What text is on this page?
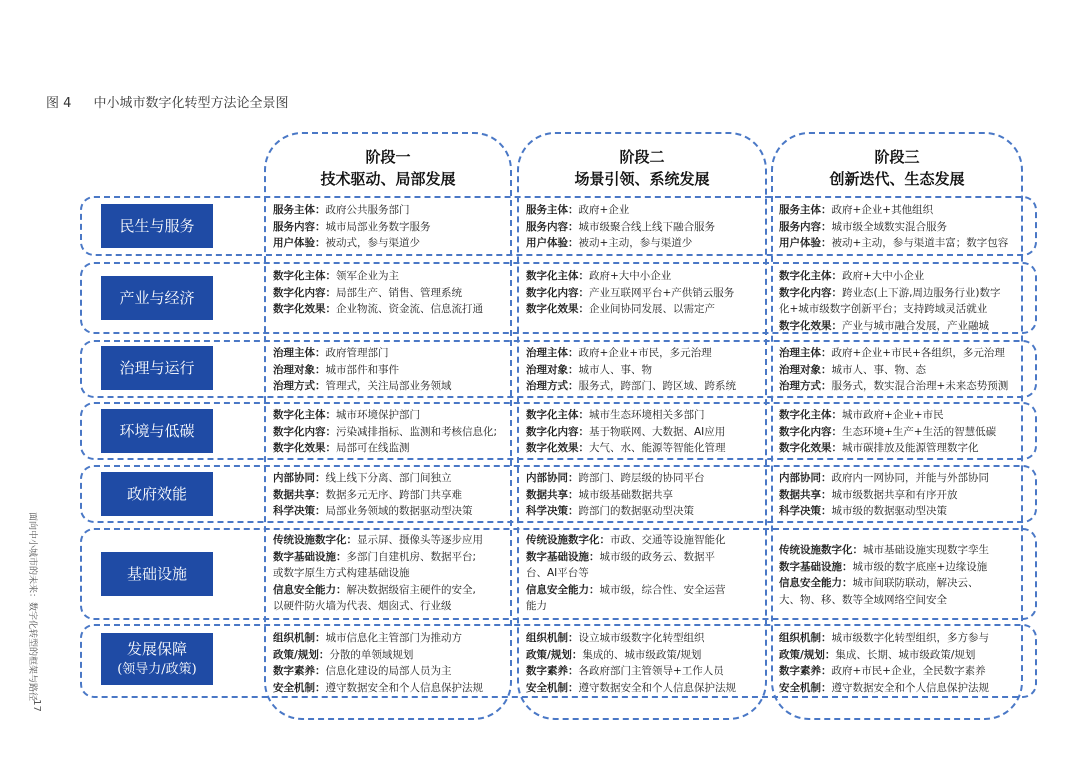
图 4 中小城市数字化转型方法论全景图
阶段一
技术驱动、局部发展
阶段二
场景引领、系统发展
阶段三
创新迭代、生态发展
民生与服务
产业与经济
治理与运行
环境与低碳
政府效能
基础设施
发展保障
(领导力/政策)
服务主体：政府公共服务部门
服务内容：城市局部业务数字服务
用户体验：被动式，参与渠道少
服务主体：政府+企业
服务内容：城市级聚合线上线下融合服务
用户体验：被动+主动，参与渠道少
服务主体：政府+企业+其他组织
服务内容：城市级全域数实混合服务
用户体验：被动+主动，参与渠道丰富；数字包容
数字化主体：领军企业为主
数字化内容：局部生产、销售、管理系统
数字化效果：企业物流、资金流、信息流打通
数字化主体：政府+大中小企业
数字化内容：产业互联网平台+产供销云服务
数字化效果：企业间协同发展、以需定产
数字化主体：政府+大中小企业
数字化内容：跨业态(上下游,周边服务行业)数字
化+城市级数字创新平台；支持跨域灵活就业
数字化效果：产业与城市融合发展，产业融城
治理主体：政府管理部门
治理对象：城市部件和事件
治理方式：管理式，关注局部业务领域
治理主体：政府+企业+市民，多元治理
治理对象：城市人、事、物
治理方式：服务式，跨部门、跨区域、跨系统
治理主体：政府+企业+市民+各组织，多元治理
治理对象：城市人、事、物、态
治理方式：服务式，数实混合治理+未来态势预测
数字化主体：城市环境保护部门
数字化内容：污染减排指标、监测和考核信息化;
数字化效果：局部可在线监测
数字化主体：城市生态环境相关多部门
数字化内容：基于物联网、大数据、AI应用
数字化效果：大气、水、能源等智能化管理
数字化主体：城市政府+企业+市民
数字化内容：生态环境+生产+生活的智慧低碳
数字化效果：城市碳排放及能源管理数字化
内部协同：线上线下分离、部门间独立
数据共享：数据多元无序、跨部门共享难
科学决策：局部业务领域的数据驱动型决策
内部协同：跨部门、跨层级的协同平台
数据共享：城市级基础数据共享
科学决策：跨部门的数据驱动型决策
内部协同：政府内一网协同，并能与外部协同
数据共享：城市级数据共享和有序开放
科学决策：城市级的数据驱动型决策
传统设施数字化：显示屏、摄像头等逐步应用
数字基础设施：多部门自建机房、数据平台;
或数字原生方式构建基础设施
信息安全能力：解决数据级宿主硬件的安全,
以硬件防火墙为代表、烟囱式、行业级
传统设施数字化：市政、交通等设施智能化
数字基础设施：城市级的政务云、数据平
台、AI平台等
信息安全能力：城市级，综合性、安全运营
能力
传统设施数字化：城市基础设施实现数字孪生
数字基础设施：城市级的数字底座+边缘设施
信息安全能力：城市间联防联动，解决云、
大、物、移、数等全域网络空间安全
组织机制：城市信息化主管部门为推动方
政策/规划：分散的单领域规划
数字素养：信息化建设的局部人员为主
安全机制：遵守数据安全和个人信息保护法规
组织机制：设立城市级数字化转型组织
政策/规划：集成的、城市级政策/规划
数字素养：各政府部门主管领导+工作人员
安全机制：遵守数据安全和个人信息保护法规
组织机制：城市级数字化转型组织，多方参与
政策/规划：集成、长期、城市级政策/规划
数字素养：政府+市民+企业，全民数字素养
安全机制：遵守数据安全和个人信息保护法规
面向中小城市的未来：数字化转型的框架与路径
17
